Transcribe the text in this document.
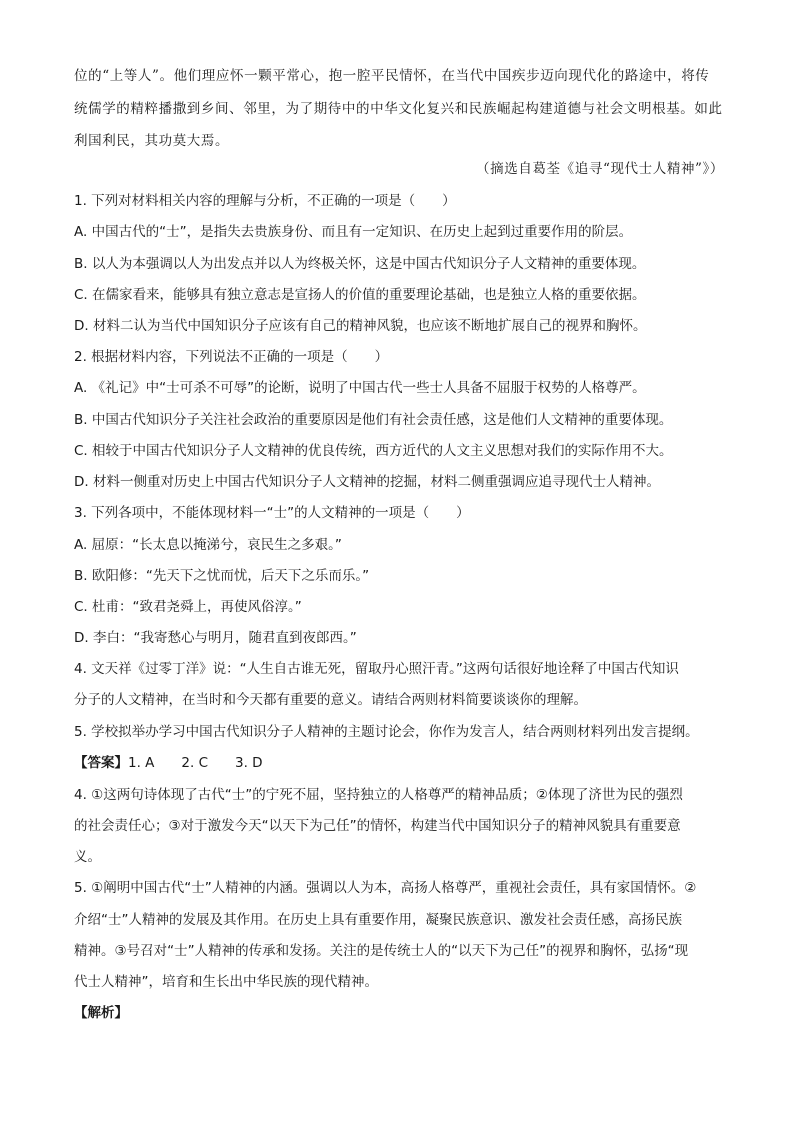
位的“上等人”。他们理应怀一颗平常心，抱一腔平民情怀，在当代中国疾步迈向现代化的路途中，将传
统儒学的精粹播撒到乡间、邻里，为了期待中的中华文化复兴和民族崛起构建道德与社会文明根基。如此
利国利民，其功莫大焉。
（摘选自葛荃《追寻“现代士人精神”》）
1. 下列对材料相关内容的理解与分析，不正确的一项是（　　）
A. 中国古代的“士”，是指失去贵族身份、而且有一定知识、在历史上起到过重要作用的阶层。
B. 以人为本强调以人为出发点并以人为终极关怀，这是中国古代知识分子人文精神的重要体现。
C. 在儒家看来，能够具有独立意志是宣扬人的价值的重要理论基础，也是独立人格的重要依据。
D. 材料二认为当代中国知识分子应该有自己的精神风貌，也应该不断地扩展自己的视界和胸怀。
2. 根据材料内容，下列说法不正确的一项是（　　）
A. 《礼记》中“士可杀不可辱”的论断，说明了中国古代一些士人具备不屈服于权势的人格尊严。
B. 中国古代知识分子关注社会政治的重要原因是他们有社会责任感，这是他们人文精神的重要体现。
C. 相较于中国古代知识分子人文精神的优良传统，西方近代的人文主义思想对我们的实际作用不大。
D. 材料一侧重对历史上中国古代知识分子人文精神的挖掘，材料二侧重强调应追寻现代士人精神。
3. 下列各项中，不能体现材料一“士”的人文精神的一项是（　　）
A. 屈原：“长太息以掩涕兮，哀民生之多艰。”
B. 欧阳修：“先天下之忧而忧，后天下之乐而乐。”
C. 杜甫：“致君尧舜上，再使风俗淳。”
D. 李白：“我寄愁心与明月，随君直到夜郎西。”
4. 文天祥《过零丁洋》说：“人生自古谁无死，留取丹心照汗青。”这两句话很好地诠释了中国古代知识
分子的人文精神，在当时和今天都有重要的意义。请结合两则材料简要谈谈你的理解。
5. 学校拟举办学习中国古代知识分子人精神的主题讨论会，你作为发言人，结合两则材料列出发言提纲。
【答案】1. A　　2. C　　3. D
4. ①这两句诗体现了古代“士”的宁死不屈，坚持独立的人格尊严的精神品质；②体现了济世为民的强烈
的社会责任心；③对于激发今天“以天下为己任”的情怀，构建当代中国知识分子的精神风貌具有重要意
义。
5. ①阐明中国古代“士”人精神的内涵。强调以人为本，高扬人格尊严，重视社会责任，具有家国情怀。②
介绍“士”人精神的发展及其作用。在历史上具有重要作用，凝聚民族意识、激发社会责任感，高扬民族
精神。③号召对“士”人精神的传承和发扬。关注的是传统士人的“以天下为己任”的视界和胸怀，弘扬“现
代士人精神”，培育和生长出中华民族的现代精神。
【解析】
